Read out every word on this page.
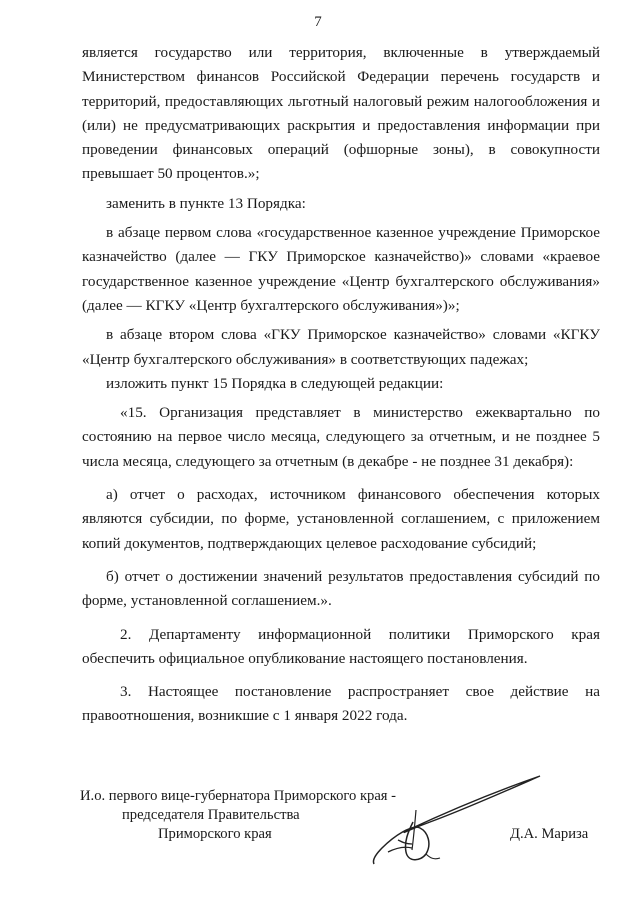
7

является государство или территория, включенные в утверждаемый Министерством финансов Российской Федерации перечень государств и территорий, предоставляющих льготный налоговый режим налогообложения и (или) не предусматривающих раскрытия и предоставления информации при проведении финансовых операций (офшорные зоны), в совокупности превышает 50 процентов.»;

заменить в пункте 13 Порядка:

в абзаце первом слова «государственное казенное учреждение Приморское казначейство (далее — ГКУ Приморское казначейство)» словами «краевое государственное казенное учреждение «Центр бухгалтерского обслуживания» (далее — КГКУ «Центр бухгалтерского обслуживания»)»;

в абзаце втором слова «ГКУ Приморское казначейство» словами «КГКУ «Центр бухгалтерского обслуживания» в соответствующих падежах;

изложить пункт 15 Порядка в следующей редакции:

«15. Организация представляет в министерство ежеквартально по состоянию на первое число месяца, следующего за отчетным, и не позднее 5 числа месяца, следующего за отчетным (в декабре - не позднее 31 декабря):

а) отчет о расходах, источником финансового обеспечения которых являются субсидии, по форме, установленной соглашением, с приложением копий документов, подтверждающих целевое расходование субсидий;

б) отчет о достижении значений результатов предоставления субсидий по форме, установленной соглашением.».

2. Департаменту информационной политики Приморского края обеспечить официальное опубликование настоящего постановления.

3. Настоящее постановление распространяет свое действие на правоотношения, возникшие с 1 января 2022 года.

И.о. первого вице-губернатора Приморского края -
председателя Правительства
Приморского края	Д.А. Мариза
